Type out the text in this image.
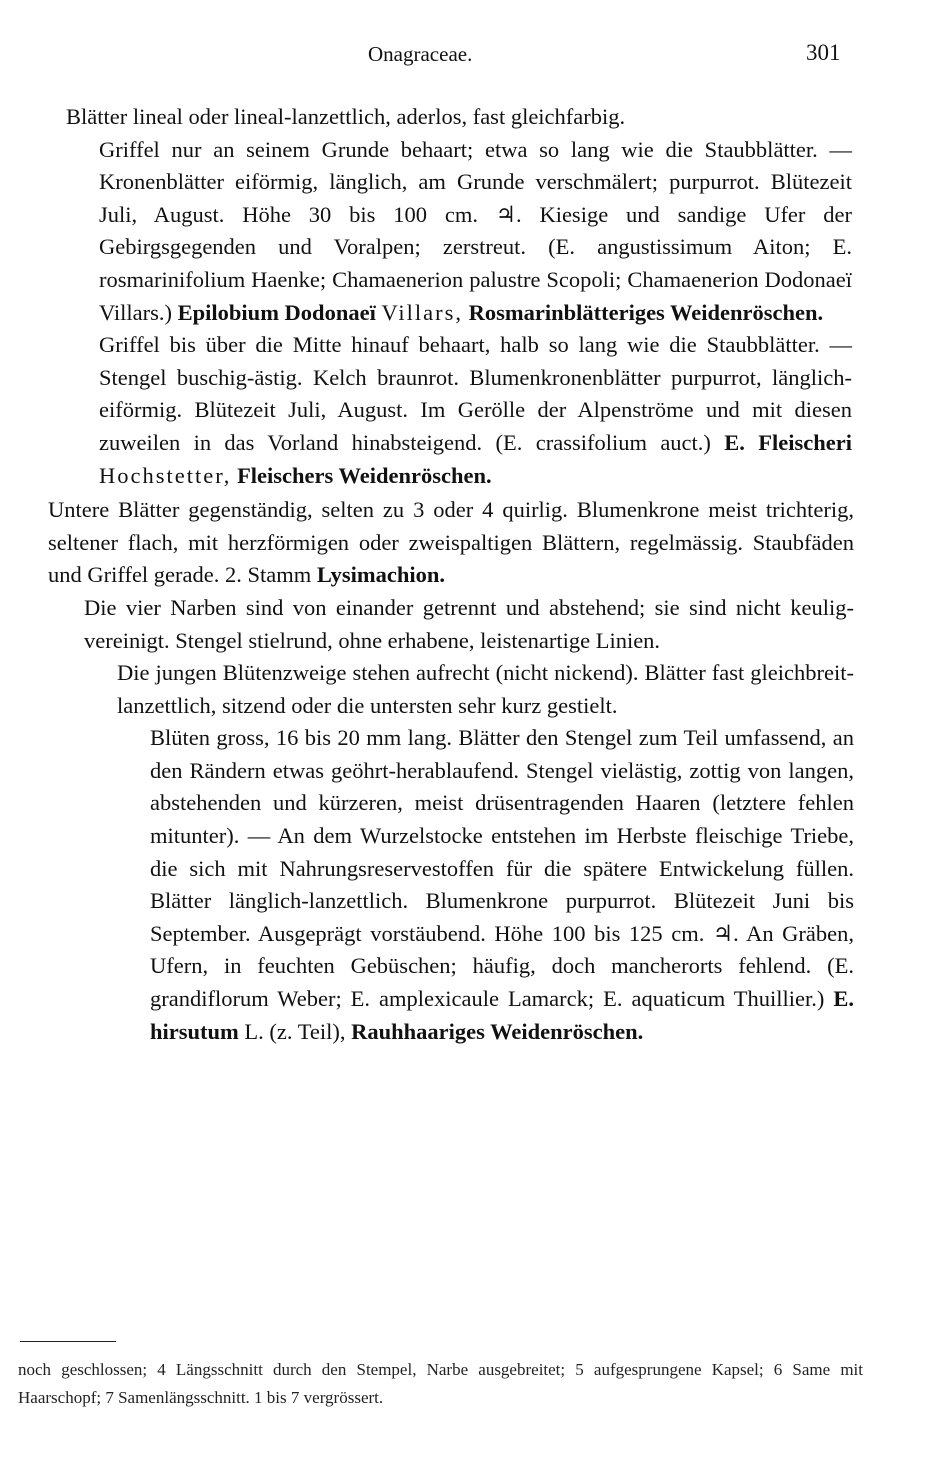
Onagraceae.	301
Blätter lineal oder lineal-lanzettlich, aderlos, fast gleichfarbig.
Griffel nur an seinem Grunde behaart; etwa so lang wie die Staubblätter. — Kronenblätter eiförmig, länglich, am Grunde verschmälert; purpurrot. Blütezeit Juli, August. Höhe 30 bis 100 cm. ♃. Kiesige und sandige Ufer der Gebirgsgegenden und Voralpen; zerstreut. (E. angustissimum Aiton; E. rosmarinifolium Haenke; Chamaenerion palustre Scopoli; Chamaenerion Dodonaeï Villars.) Epilobium Dodonaeï Villars, Rosmarinblätteriges Weidenröschen.
Griffel bis über die Mitte hinauf behaart, halb so lang wie die Staubblätter. — Stengel buschig-ästig. Kelch braunrot. Blumenkronenblätter purpurrot, länglich-eiförmig. Blütezeit Juli, August. Im Gerölle der Alpenströme und mit diesen zuweilen in das Vorland hinabsteigend. (E. crassifolium auct.) E. Fleischeri Hochstetter, Fleischers Weidenröschen.
Untere Blätter gegenständig, selten zu 3 oder 4 quirlig. Blumenkrone meist trichterig, seltener flach, mit herzförmigen oder zweispaltigen Blättern, regelmässig. Staubfäden und Griffel gerade. 2. Stamm Lysimachion.
Die vier Narben sind von einander getrennt und abstehend; sie sind nicht keulig-vereinigt. Stengel stielrund, ohne erhabene, leistenartige Linien.
Die jungen Blütenzweige stehen aufrecht (nicht nickend). Blätter fast gleichbreit-lanzettlich, sitzend oder die untersten sehr kurz gestielt.
Blüten gross, 16 bis 20 mm lang. Blätter den Stengel zum Teil umfassend, an den Rändern etwas geöhrt-herablaufend. Stengel vielästig, zottig von langen, abstehenden und kürzeren, meist drüsentragenden Haaren (letztere fehlen mitunter). — An dem Wurzelstocke entstehen im Herbste fleischige Triebe, die sich mit Nahrungsreservestoffen für die spätere Entwickelung füllen. Blätter länglich-lanzettlich. Blumenkrone purpurrot. Blütezeit Juni bis September. Ausgeprägt vorstäubend. Höhe 100 bis 125 cm. ♃. An Gräben, Ufern, in feuchten Gebüschen; häufig, doch mancherorts fehlend. (E. grandiflorum Weber; E. amplexicaule Lamarck; E. aquaticum Thuillier.) E. hirsutum L. (z. Teil), Rauhhaariges Weidenröschen.
noch geschlossen; 4 Längsschnitt durch den Stempel, Narbe ausgebreitet; 5 aufgesprungene Kapsel; 6 Same mit Haarschopf; 7 Samenlängsschnitt. 1 bis 7 vergrössert.
